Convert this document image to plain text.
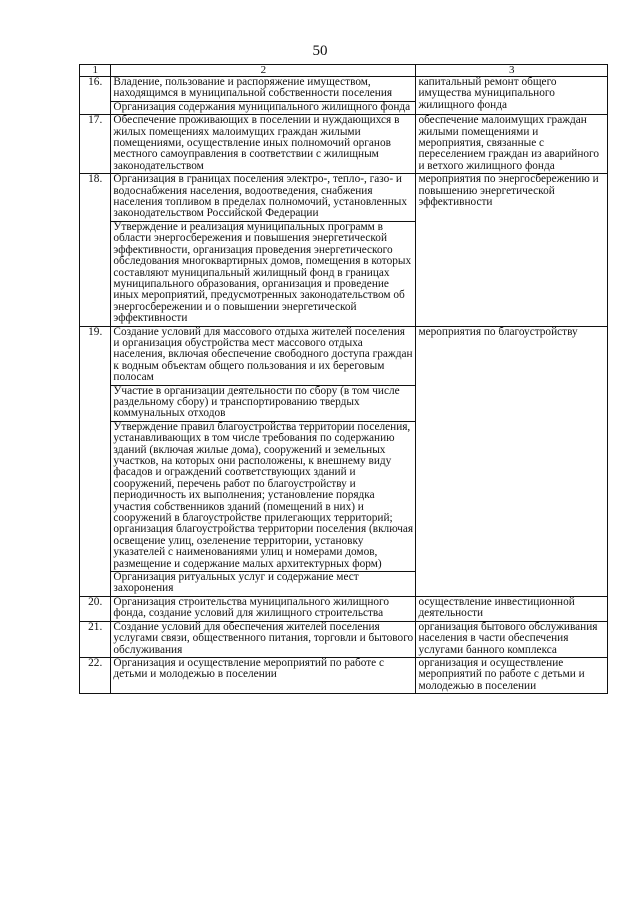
50
1	2	3
16.	Владение, пользование и распоряжение имуществом, находящимся в муниципальной собственности поселения	капитальный ремонт общего имущества муниципального жилищного фонда
	Организация содержания муниципального жилищного фонда	
17.	Обеспечение проживающих в поселении и нуждающихся в жилых помещениях малоимущих граждан жилыми помещениями, осуществление иных полномочий органов местного самоуправления в соответствии с жилищным законодательством	обеспечение малоимущих граждан жилыми помещениями и мероприятия, связанные с переселением граждан из аварийного и ветхого жилищного фонда
18.	Организация в границах поселения электро-, тепло-, газо- и водоснабжения населения, водоотведения, снабжения населения топливом в пределах полномочий, установленных законодательством Российской Федерации	мероприятия по энергосбережению и повышению энергетической эффективности
	Утверждение и реализация муниципальных программ в области энергосбережения и повышения энергетической эффективности, организация проведения энергетического обследования многоквартирных домов, помещения в которых составляют муниципальный жилищный фонд в границах муниципального образования, организация и проведение иных мероприятий, предусмотренных законодательством об энергосбережении и о повышении энергетической эффективности	
19.	Создание условий для массового отдыха жителей поселения и организация обустройства мест массового отдыха населения, включая обеспечение свободного доступа граждан к водным объектам общего пользования и их береговым полосам	мероприятия по благоустройству
	Участие в организации деятельности по сбору (в том числе раздельному сбору) и транспортированию твердых коммунальных отходов	
	Утверждение правил благоустройства территории поселения, устанавливающих в том числе требования по содержанию зданий (включая жилые дома), сооружений и земельных участков, на которых они расположены, к внешнему виду фасадов и ограждений соответствующих зданий и сооружений, перечень работ по благоустройству и периодичность их выполнения; установление порядка участия собственников зданий (помещений в них) и сооружений в благоустройстве прилегающих территорий; организация благоустройства территории поселения (включая освещение улиц, озеленение территории, установку указателей с наименованиями улиц и номерами домов, размещение и содержание малых архитектурных форм)	
	Организация ритуальных услуг и содержание мест захоронения	
20.	Организация строительства муниципального жилищного фонда, создание условий для жилищного строительства	осуществление инвестиционной деятельности
21.	Создание условий для обеспечения жителей поселения услугами связи, общественного питания, торговли и бытового обслуживания	организация бытового обслуживания населения в части обеспечения услугами банного комплекса
22.	Организация и осуществление мероприятий по работе с детьми и молодежью в поселении	организация и осуществление мероприятий по работе с детьми и молодежью в поселении
